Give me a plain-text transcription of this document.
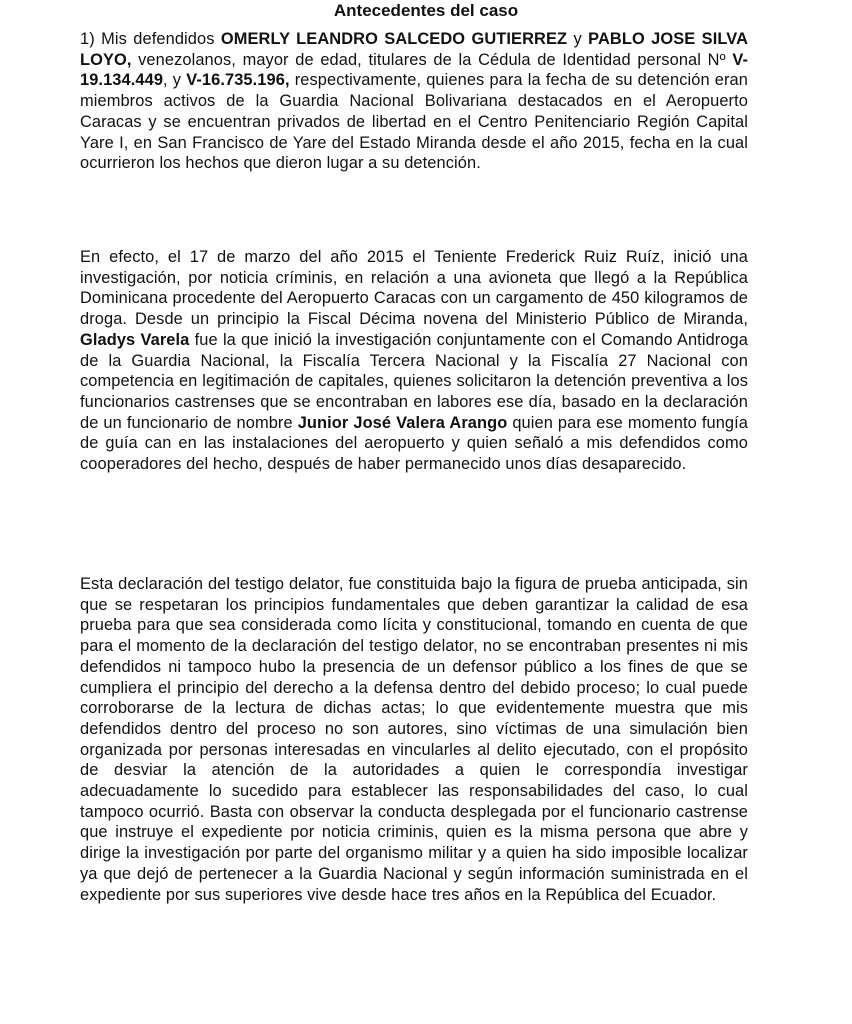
Antecedentes del caso

1) Mis defendidos OMERLY LEANDRO SALCEDO GUTIERREZ y PABLO JOSE SILVA LOYO, venezolanos, mayor de edad, titulares de la Cédula de Identidad personal Nº V-19.134.449, y V-16.735.196, respectivamente, quienes para la fecha de su detención eran miembros activos de la Guardia Nacional Bolivariana destacados en el Aeropuerto Caracas y se encuentran privados de libertad en el Centro Penitenciario Región Capital Yare I, en San Francisco de Yare del Estado Miranda desde el año 2015, fecha en la cual ocurrieron los hechos que dieron lugar a su detención.

En efecto, el 17 de marzo del año 2015 el Teniente Frederick Ruiz Ruíz, inició una investigación, por noticia críminis, en relación a una avioneta que llegó a la República Dominicana procedente del Aeropuerto Caracas con un cargamento de 450 kilogramos de droga. Desde un principio la Fiscal Décima novena del Ministerio Público de Miranda, Gladys Varela fue la que inició la investigación conjuntamente con el Comando Antidroga de la Guardia Nacional, la Fiscalía Tercera Nacional y la Fiscalía 27 Nacional con competencia en legitimación de capitales, quienes solicitaron la detención preventiva a los funcionarios castrenses que se encontraban en labores ese día, basado en la declaración de un funcionario de nombre Junior José Valera Arango quien para ese momento fungía de guía can en las instalaciones del aeropuerto y quien señaló a mis defendidos como cooperadores del hecho, después de haber permanecido unos días desaparecido.

Esta declaración del testigo delator, fue constituida bajo la figura de prueba anticipada, sin que se respetaran los principios fundamentales que deben garantizar la calidad de esa prueba para que sea considerada como lícita y constitucional, tomando en cuenta de que para el momento de la declaración del testigo delator, no se encontraban presentes ni mis defendidos ni tampoco hubo la presencia de un defensor público a los fines de que se cumpliera el principio del derecho a la defensa dentro del debido proceso; lo cual puede corroborarse de la lectura de dichas actas; lo que evidentemente muestra que mis defendidos dentro del proceso no son autores, sino víctimas de una simulación bien organizada por personas interesadas en vincularles al delito ejecutado, con el propósito de desviar la atención de la autoridades a quien le correspondía investigar adecuadamente lo sucedido para establecer las responsabilidades del caso, lo cual tampoco ocurrió. Basta con observar la conducta desplegada por el funcionario castrense que instruye el expediente por noticia criminis, quien es la misma persona que abre y dirige la investigación por parte del organismo militar y a quien ha sido imposible localizar ya que dejó de pertenecer a la Guardia Nacional y según información suministrada en el expediente por sus superiores vive desde hace tres años en la República del Ecuador.
